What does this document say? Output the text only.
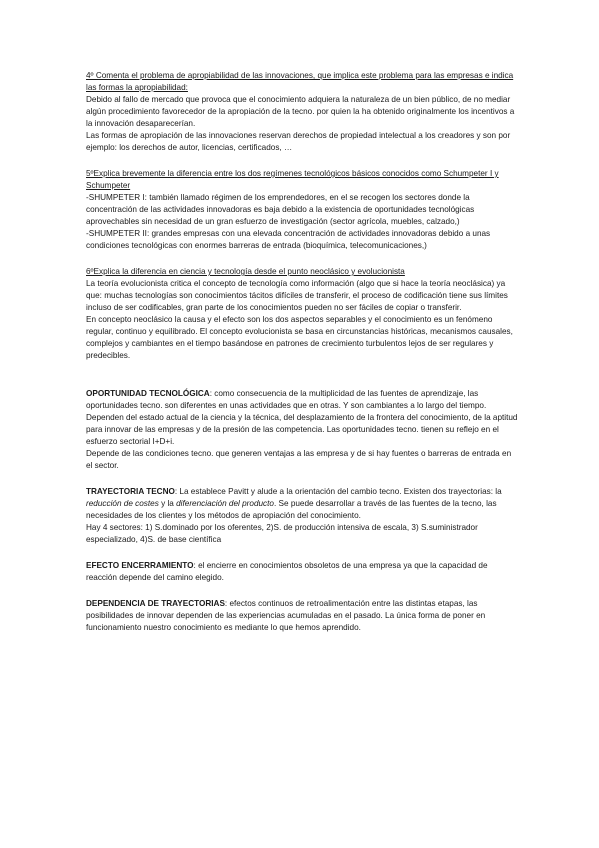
4º Comenta el problema de apropiabilidad de las innovaciones, que implica este problema para las empresas e indica las formas la apropiabilidad:

Debido al fallo de mercado que provoca que el conocimiento adquiera la naturaleza de un bien público, de no mediar algún procedimiento favorecedor de la apropiación de la tecno. por quien la ha obtenido originalmente los incentivos a la innovación desaparecerían.

Las formas de apropiación de las innovaciones reservan derechos de propiedad intelectual a los creadores y son por ejemplo: los derechos de autor, licencias, certificados, …

5ºExplica brevemente la diferencia entre los dos regímenes tecnológicos básicos conocidos como Schumpeter I y Schumpeter

-SHUMPETER I: también llamado régimen de los emprendedores, en el se recogen los sectores donde la concentración de las actividades innovadoras es baja debido a la existencia de oportunidades tecnológicas aprovechables sin necesidad de un gran esfuerzo de investigación (sector agrícola, muebles, calzado,)

-SHUMPETER II: grandes empresas con una elevada concentración de actividades innovadoras debido a unas condiciones tecnológicas con enormes barreras de entrada (bioquímica, telecomunicaciones,)

6ºExplica la diferencia en ciencia y tecnología desde el punto neoclásico y evolucionista

La teoría evolucionista critica el concepto de tecnología como información (algo que si hace la teoría neoclásica) ya que: muchas tecnologías son conocimientos tácitos difíciles de transferir, el proceso de codificación tiene sus límites incluso de ser codificables, gran parte de los conocimientos pueden no ser fáciles de copiar o transferir.

En concepto neoclásico la causa y el efecto son los dos aspectos separables y el conocimiento es un fenómeno regular, continuo y equilibrado. El concepto evolucionista se basa en circunstancias históricas, mecanismos causales, complejos y cambiantes en el tiempo basándose en patrones de crecimiento turbulentos lejos de ser regulares y predecibles.

OPORTUNIDAD TECNOLÓGICA: como consecuencia de la multiplicidad de las fuentes de aprendizaje, las oportunidades tecno. son diferentes en unas actividades que en otras. Y son cambiantes a lo largo del tiempo. Dependen del estado actual de la ciencia y la técnica, del desplazamiento de la frontera del conocimiento, de la aptitud para innovar de las empresas y de la presión de las competencia. Las oportunidades tecno. tienen su reflejo en el esfuerzo sectorial I+D+i.

Depende de las condiciones tecno. que generen ventajas a las empresa y de si hay fuentes o barreras de entrada en el sector.

TRAYECTORIA TECNO: La establece Pavitt y alude a la orientación del cambio tecno. Existen dos trayectorias: la reducción de costes y la diferenciación del producto. Se puede desarrollar a través de las fuentes de la tecno, las necesidades de los clientes y los métodos de apropiación del conocimiento.

Hay 4 sectores: 1) S.dominado por los oferentes, 2)S. de producción intensiva de escala, 3) S.suministrador especializado, 4)S. de base científica

EFECTO ENCERRAMIENTO: el encierre en conocimientos obsoletos de una empresa ya que la capacidad de reacción depende del camino elegido.

DEPENDENCIA DE TRAYECTORIAS: efectos continuos de retroalimentación entre las distintas etapas, las posibilidades de innovar dependen de las experiencias acumuladas en el pasado. La única forma de poner en funcionamiento nuestro conocimiento es mediante lo que hemos aprendido.
